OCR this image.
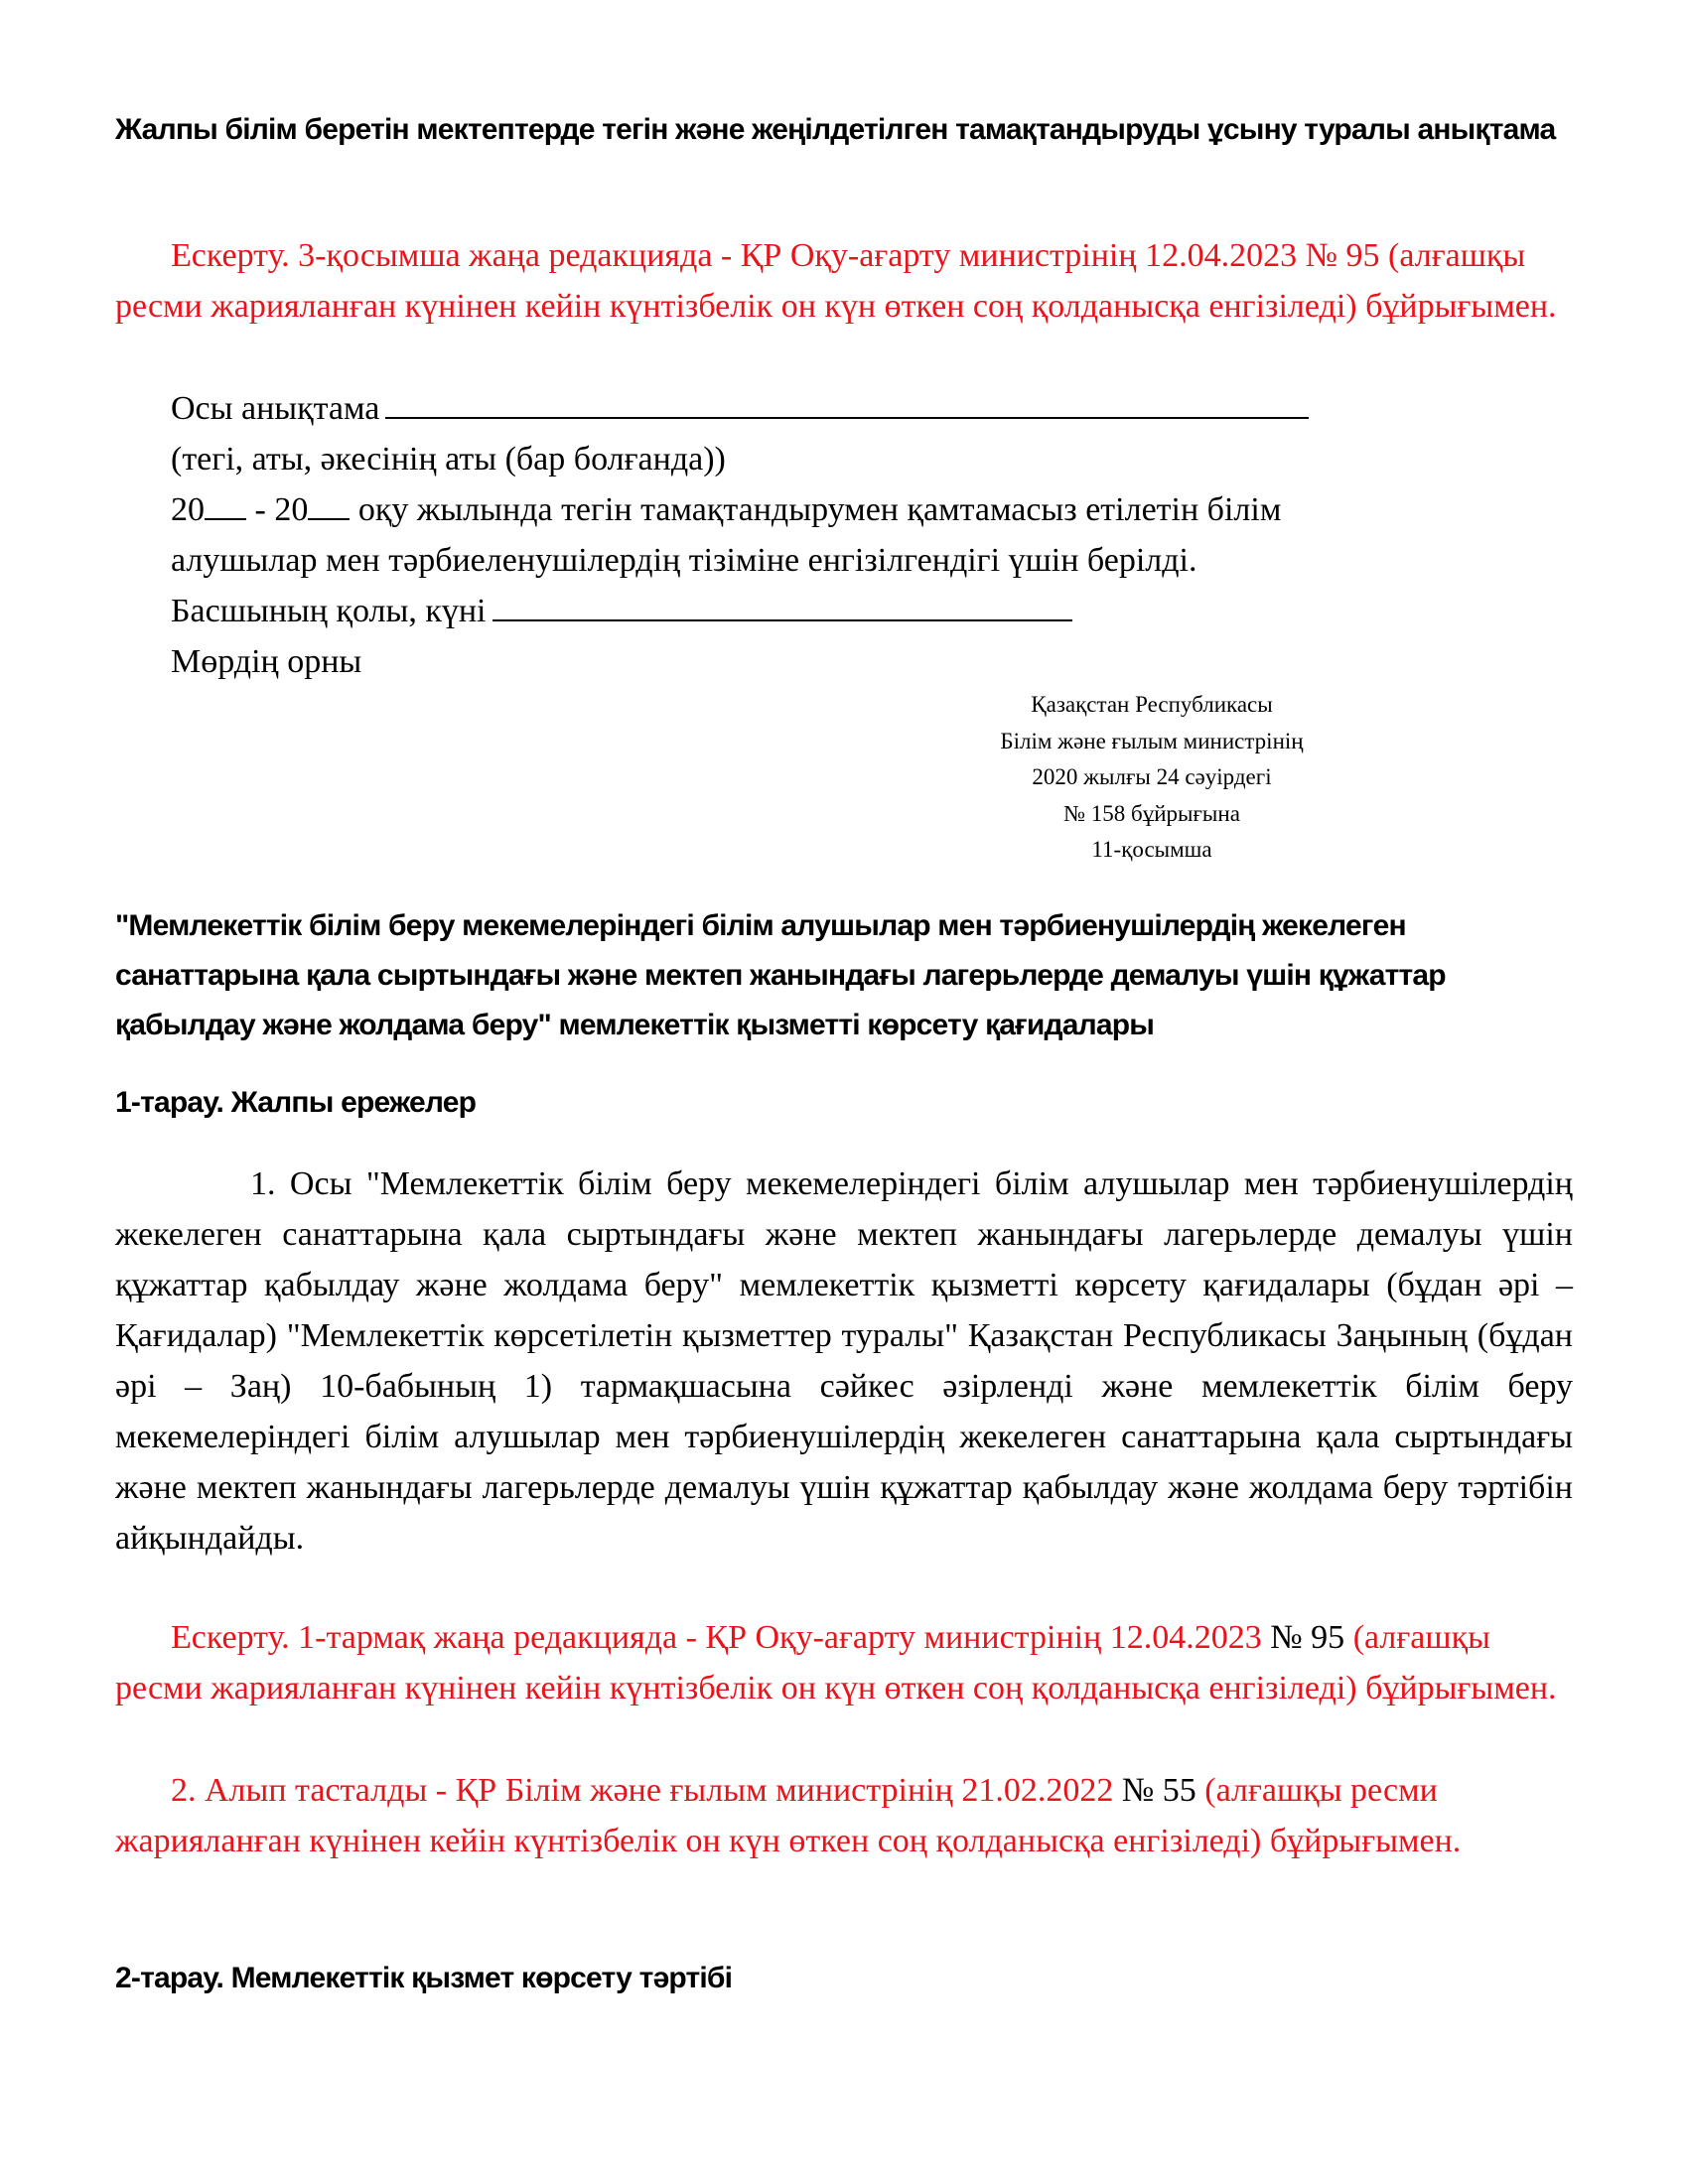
Жалпы білім беретін мектептерде тегін және жеңілдетілген тамақтандыруды ұсыну туралы анықтама

Ескерту. 3-қосымша жаңа редакцияда - ҚР Оқу-ағарту министрінің 12.04.2023 № 95 (алғашқы ресми жарияланған күнінен кейін күнтізбелік он күн өткен соң қолданысқа енгізіледі) бұйрығымен.

Осы анықтама
(тегі, аты, әкесінің аты (бар болғанда))
20 - 20 оқу жылында тегін тамақтандырумен қамтамасыз етілетін білім
алушылар мен тәрбиеленушілердің тізіміне енгізілгендігі үшін берілді.
Басшының қолы, күні
Мөрдің орны
Қазақстан Республикасы
Білім және ғылым министрінің
2020 жылғы 24 сәуірдегі
№ 158 бұйрығына
11-қосымша
"Мемлекеттік білім беру мекемелеріндегі білім алушылар мен тәрбиенушілердің жекелеген санаттарына қала сыртындағы және мектеп жанындағы лагерьлерде демалуы үшін құжаттар қабылдау және жолдама беру" мемлекеттік қызметті көрсету қағидалары
1-тарау. Жалпы ережелер

1. Осы "Мемлекеттік білім беру мекемелеріндегі білім алушылар мен тәрбиенушілердің жекелеген санаттарына қала сыртындағы және мектеп жанындағы лагерьлерде демалуы үшін құжаттар қабылдау және жолдама беру" мемлекеттік қызметті көрсету қағидалары (бұдан әрі – Қағидалар) "Мемлекеттік көрсетілетін қызметтер туралы" Қазақстан Республикасы Заңының (бұдан әрі – Заң) 10-бабының 1) тармақшасына сәйкес әзірленді және мемлекеттік білім беру мекемелеріндегі білім алушылар мен тәрбиенушілердің жекелеген санаттарына қала сыртындағы және мектеп жанындағы лагерьлерде демалуы үшін құжаттар қабылдау және жолдама беру тәртібін айқындайды.

Ескерту. 1-тармақ жаңа редакцияда - ҚР Оқу-ағарту министрінің 12.04.2023 № 95 (алғашқы ресми жарияланған күнінен кейін күнтізбелік он күн өткен соң қолданысқа енгізіледі) бұйрығымен.

2. Алып тасталды - ҚР Білім және ғылым министрінің 21.02.2022 № 55 (алғашқы ресми жарияланған күнінен кейін күнтізбелік он күн өткен соң қолданысқа енгізіледі) бұйрығымен.

2-тарау. Мемлекеттік қызмет көрсету тәртібі
